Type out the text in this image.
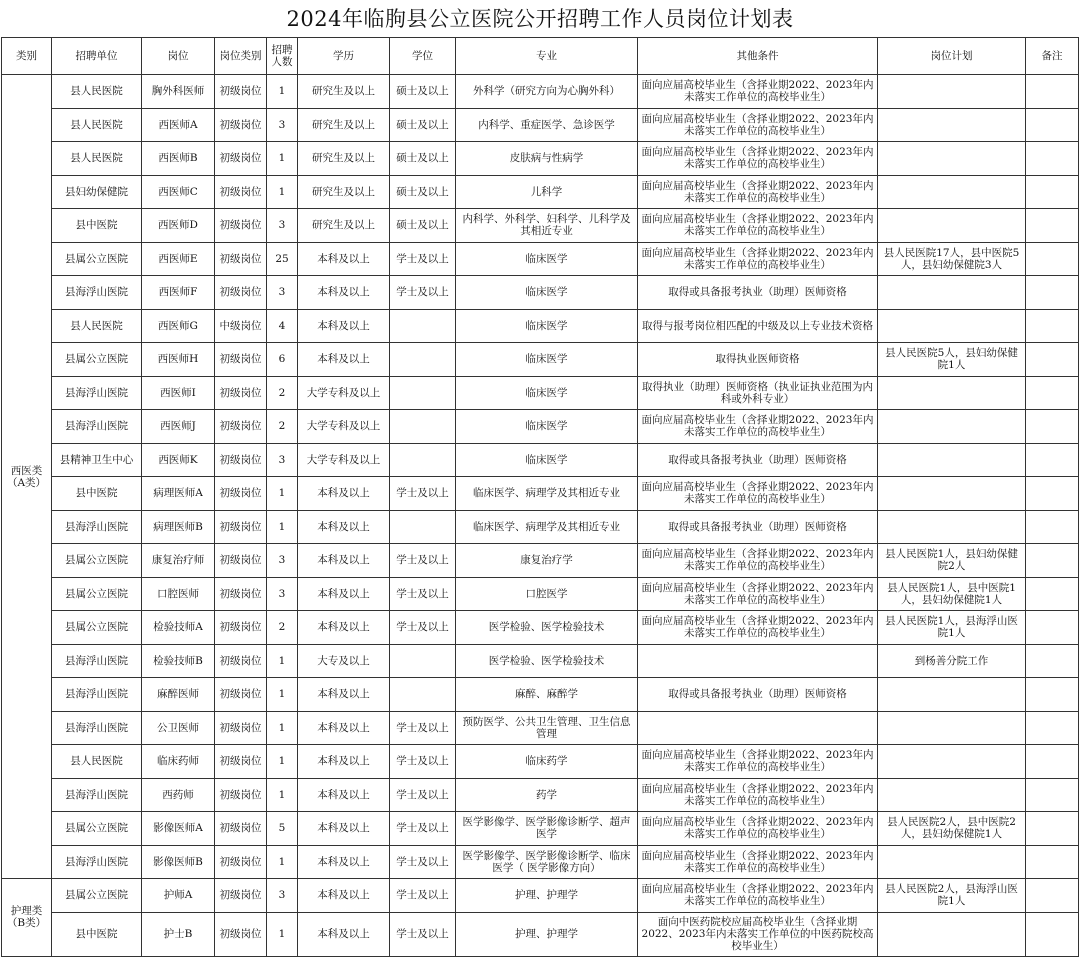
2024年临朐县公立医院公开招聘工作人员岗位计划表
类别	招聘单位	岗位	岗位类别	招聘人数	学历	学位	专业	其他条件	岗位计划	备注
西医类（A类）	县人民医院	胸外科医师	初级岗位	1	研究生及以上	硕士及以上	外科学（研究方向为心胸外科）	面向应届高校毕业生（含择业期2022、2023年内未落实工作单位的高校毕业生）		
	县人民医院	西医师A	初级岗位	3	研究生及以上	硕士及以上	内科学、重症医学、急诊医学	面向应届高校毕业生（含择业期2022、2023年内未落实工作单位的高校毕业生）		
	县人民医院	西医师B	初级岗位	1	研究生及以上	硕士及以上	皮肤病与性病学	面向应届高校毕业生（含择业期2022、2023年内未落实工作单位的高校毕业生）		
	县妇幼保健院	西医师C	初级岗位	1	研究生及以上	硕士及以上	儿科学	面向应届高校毕业生（含择业期2022、2023年内未落实工作单位的高校毕业生）		
	县中医院	西医师D	初级岗位	3	研究生及以上	硕士及以上	内科学、外科学、妇科学、儿科学及其相近专业	面向应届高校毕业生（含择业期2022、2023年内未落实工作单位的高校毕业生）		
	县属公立医院	西医师E	初级岗位	25	本科及以上	学士及以上	临床医学	面向应届高校毕业生（含择业期2022、2023年内未落实工作单位的高校毕业生）	县人民医院17人，县中医院5人，县妇幼保健院3人	
	县海浮山医院	西医师F	初级岗位	3	本科及以上	学士及以上	临床医学	取得或具备报考执业（助理）医师资格		
	县人民医院	西医师G	中级岗位	4	本科及以上		临床医学	取得与报考岗位相匹配的中级及以上专业技术资格		
	县属公立医院	西医师H	初级岗位	6	本科及以上		临床医学	取得执业医师资格	县人民医院5人，县妇幼保健院1人	
	县海浮山医院	西医师I	初级岗位	2	大学专科及以上		临床医学	取得执业（助理）医师资格（执业证执业范围为内科或外科专业）		
	县海浮山医院	西医师J	初级岗位	2	大学专科及以上		临床医学	面向应届高校毕业生（含择业期2022、2023年内未落实工作单位的高校毕业生）		
	县精神卫生中心	西医师K	初级岗位	3	大学专科及以上		临床医学	取得或具备报考执业（助理）医师资格		
	县中医院	病理医师A	初级岗位	1	本科及以上	学士及以上	临床医学、病理学及其相近专业	面向应届高校毕业生（含择业期2022、2023年内未落实工作单位的高校毕业生）		
	县海浮山医院	病理医师B	初级岗位	1	本科及以上		临床医学、病理学及其相近专业	取得或具备报考执业（助理）医师资格		
	县属公立医院	康复治疗师	初级岗位	3	本科及以上	学士及以上	康复治疗学	面向应届高校毕业生（含择业期2022、2023年内未落实工作单位的高校毕业生）	县人民医院1人，县妇幼保健院2人	
	县属公立医院	口腔医师	初级岗位	3	本科及以上	学士及以上	口腔医学	面向应届高校毕业生（含择业期2022、2023年内未落实工作单位的高校毕业生）	县人民医院1人，县中医院1人，县妇幼保健院1人	
	县属公立医院	检验技师A	初级岗位	2	本科及以上	学士及以上	医学检验、医学检验技术	面向应届高校毕业生（含择业期2022、2023年内未落实工作单位的高校毕业生）	县人民医院1人，县海浮山医院1人	
	县海浮山医院	检验技师B	初级岗位	1	大专及以上		医学检验、医学检验技术		到杨善分院工作	
	县海浮山医院	麻醉医师	初级岗位	1	本科及以上		麻醉、麻醉学	取得或具备报考执业（助理）医师资格		
	县海浮山医院	公卫医师	初级岗位	1	本科及以上	学士及以上	预防医学、公共卫生管理、卫生信息管理			
	县人民医院	临床药师	初级岗位	1	本科及以上	学士及以上	临床药学	面向应届高校毕业生（含择业期2022、2023年内未落实工作单位的高校毕业生）		
	县海浮山医院	西药师	初级岗位	1	本科及以上	学士及以上	药学	面向应届高校毕业生（含择业期2022、2023年内未落实工作单位的高校毕业生）		
	县属公立医院	影像医师A	初级岗位	5	本科及以上	学士及以上	医学影像学、医学影像诊断学、超声医学	面向应届高校毕业生（含择业期2022、2023年内未落实工作单位的高校毕业生）	县人民医院2人，县中医院2人，县妇幼保健院1人	
	县海浮山医院	影像医师B	初级岗位	1	本科及以上	学士及以上	医学影像学、医学影像诊断学、临床医学（ 医学影像方向）	面向应届高校毕业生（含择业期2022、2023年内未落实工作单位的高校毕业生）		
护理类（B类）	县属公立医院	护师A	初级岗位	3	本科及以上	学士及以上	护理、护理学	面向应届高校毕业生（含择业期2022、2023年内未落实工作单位的高校毕业生）	县人民医院2人，县海浮山医院1人	
	县中医院	护士B	初级岗位	1	本科及以上	学士及以上	护理、护理学	面向中医药院校应届高校毕业生（含择业期2022、2023年内未落实工作单位的中医药院校高校毕业生）		
